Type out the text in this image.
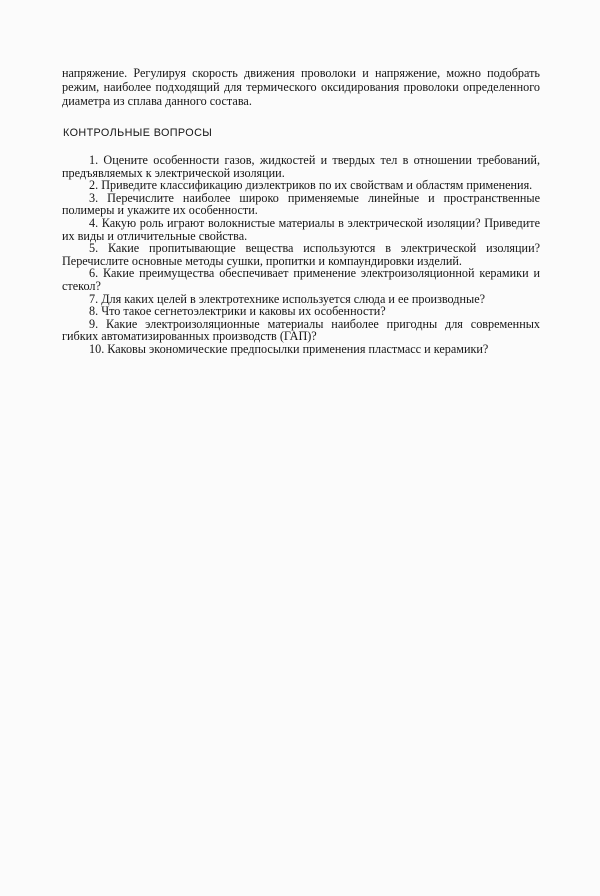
напряжение. Регулируя скорость движения проволоки и напряжение, можно подобрать режим, наиболее подходящий для термического оксидирования проволоки определенного диаметра из сплава данного состава.

КОНТРОЛЬНЫЕ ВОПРОСЫ
1. Оцените особенности газов, жидкостей и твердых тел в отношении требований, предъявляемых к электрической изоляции.
2. Приведите классификацию диэлектриков по их свойствам и областям применения.
3. Перечислите наиболее широко применяемые линейные и пространственные полимеры и укажите их особенности.
4. Какую роль играют волокнистые материалы в электрической изоляции? Приведите их виды и отличительные свойства.
5. Какие пропитывающие вещества используются в электрической изоляции? Перечислите основные методы сушки, пропитки и компаундировки изделий.
6. Какие преимущества обеспечивает применение электроизоляционной керамики и стекол?
7. Для каких целей в электротехнике используется слюда и ее производные?
8. Что такое сегнетоэлектрики и каковы их особенности?
9. Какие электроизоляционные материалы наиболее пригодны для современных гибких автоматизированных производств (ГАП)?
10. Каковы экономические предпосылки применения пластмасс и керамики?
